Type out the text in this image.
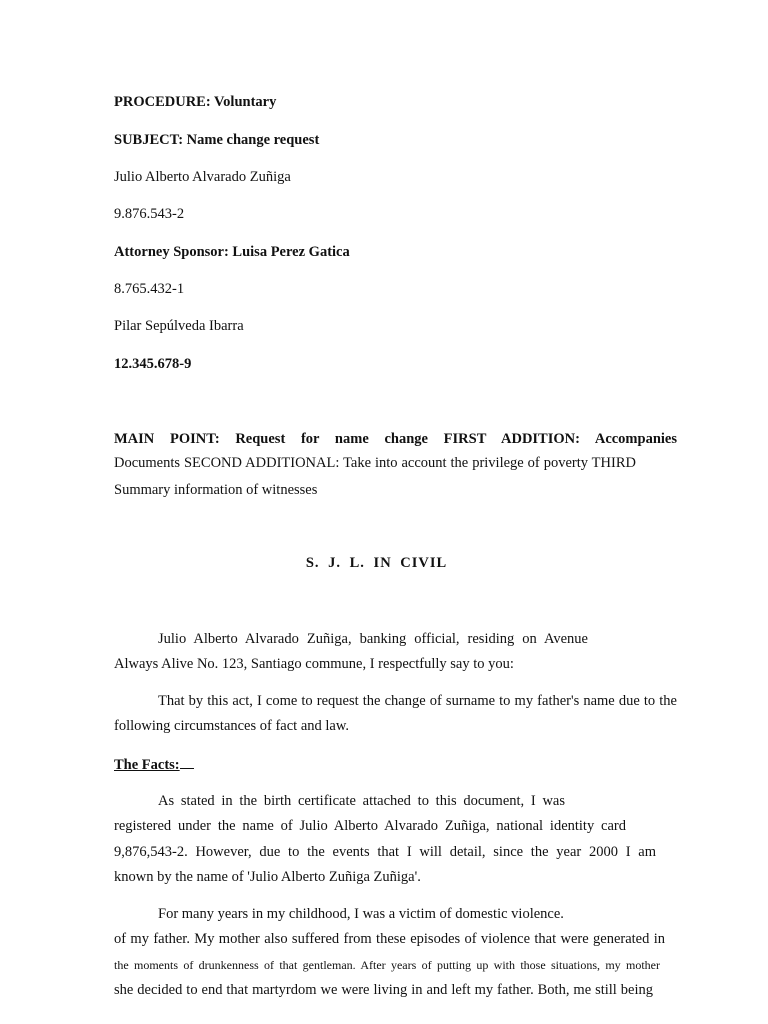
PROCEDURE: Voluntary
SUBJECT: Name change request
Julio Alberto Alvarado Zuñiga
9.876.543-2
Attorney Sponsor: Luisa Perez Gatica
8.765.432-1
Pilar Sepúlveda Ibarra
12.345.678-9
MAIN POINT: Request for name change FIRST ADDITION: Accompanies
Documents SECOND ADDITIONAL: Take into account the privilege of poverty THIRD
Summary information of witnesses
S. J. L. IN CIVIL
Julio Alberto Alvarado Zuñiga, banking official, residing on Avenue
Always Alive No. 123, Santiago commune, I respectfully say to you:
That by this act, I come to request the change of surname to my father's name due to the
following circumstances of fact and law.
The Facts:
As stated in the birth certificate attached to this document, I was
registered under the name of Julio Alberto Alvarado Zuñiga, national identity card
9,876,543-2. However, due to the events that I will detail, since the year 2000 I am
known by the name of 'Julio Alberto Zuñiga Zuñiga'.
For many years in my childhood, I was a victim of domestic violence.
of my father. My mother also suffered from these episodes of violence that were generated in
the moments of drunkenness of that gentleman. After years of putting up with those situations, my mother
she decided to end that martyrdom we were living in and left my father. Both, me still being
